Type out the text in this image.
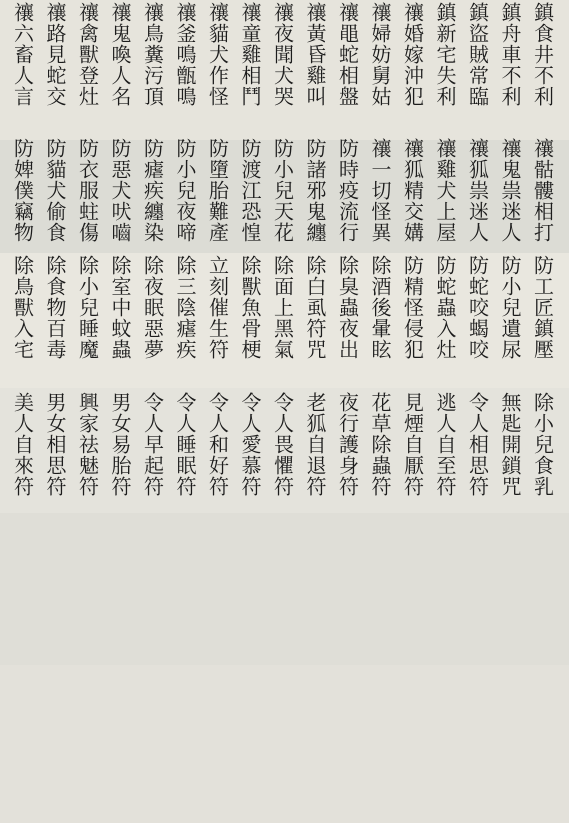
鎮食井不利
鎮舟車不利
鎮盜賊常臨
鎮新宅失利
禳婚嫁沖犯
禳婦妨舅姑
禳黽蛇相盤
禳黃昏雞叫
禳夜聞犬哭
禳童雞相鬥
禳貓犬作怪
禳釜鳴甑鳴
禳鳥糞污頂
禳鬼喚人名
禳禽獸登灶
禳路見蛇交
禳六畜人言
禳骷髏相打
禳鬼祟迷人
禳狐祟迷人
禳雞犬上屋
禳狐精交媾
禳一切怪異
防時疫流行
防諸邪鬼纏
防小兒天花
防渡江恐惶
防墮胎難產
防小兒夜啼
防瘧疾纏染
防惡犬吠嚙
防衣服蛀傷
防貓犬偷食
防婢僕竊物
防工匠鎮壓
防小兒遺尿
防蛇咬蝎咬
防蛇蟲入灶
防精怪侵犯
除酒後暈眩
除臭蟲夜出
除白虱符咒
除面上黑氣
除獸魚骨梗
立刻催生符
除三陰瘧疾
除夜眠惡夢
除室中蚊蟲
除小兒睡魔
除食物百毒
除鳥獸入宅
除小兒食乳
無匙開鎖咒
令人相思符
逃人自至符
見煙自厭符
花草除蟲符
夜行護身符
老狐自退符
令人畏懼符
令人愛慕符
令人和好符
令人睡眠符
令人早起符
男女易胎符
興家祛魅符
男女相思符
美人自來符
